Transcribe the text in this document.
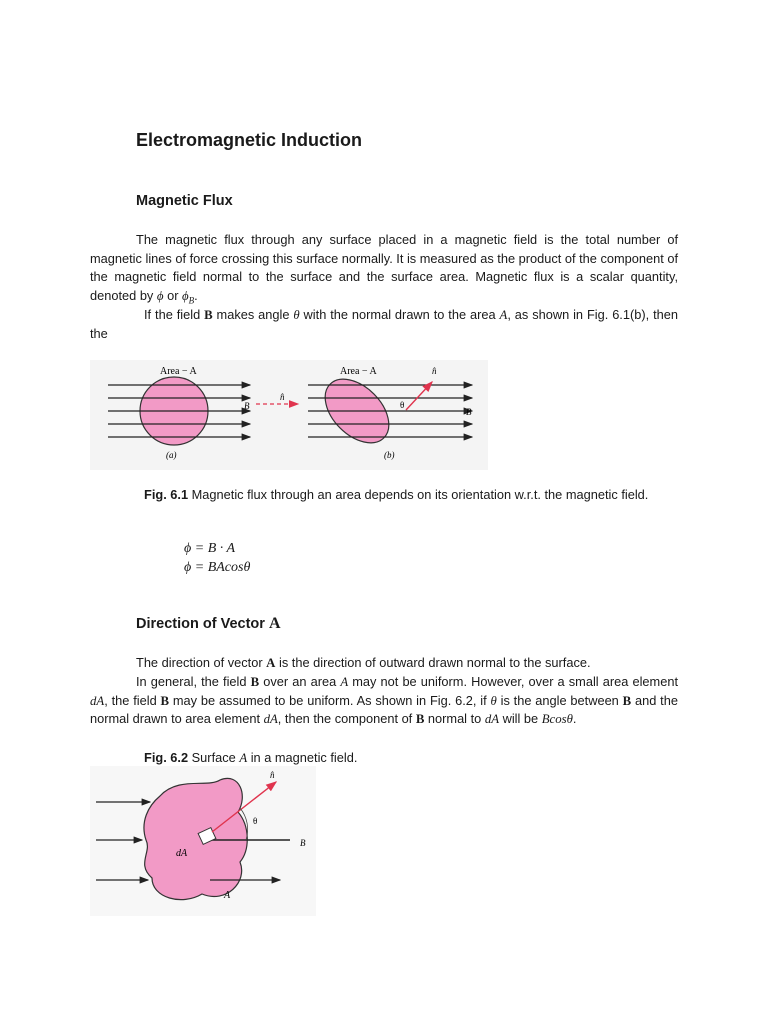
Electromagnetic Induction
Magnetic Flux

The magnetic flux through any surface placed in a magnetic field is the total number of magnetic lines of force crossing this surface normally. It is measured as the product of the component of the magnetic field normal to the surface and the surface area. Magnetic flux is a scalar quantity, denoted by ϕ or $\phi_B$.

If the field B makes angle θ with the normal drawn to the area A, as shown in Fig. 6.1(b), then the

Area − A
B
n̂
(a)
Area − A	n̂
θ
B
(b)

Fig. 6.1 Magnetic flux through an area depends on its orientation w.r.t. the magnetic field.

ϕ = B · A
ϕ = BAcosθ
Direction of Vector A

The direction of vector A is the direction of outward drawn normal to the surface.

In general, the field B over an area A may not be uniform. However, over a small area element dA, the field B may be assumed to be uniform. As shown in Fig. 6.2, if θ is the angle between B and the normal drawn to area element dA, then the component of B normal to dA will be Bcosθ.

Fig. 6.2 Surface A in a magnetic field.

n̂
θ
B
dA
A
